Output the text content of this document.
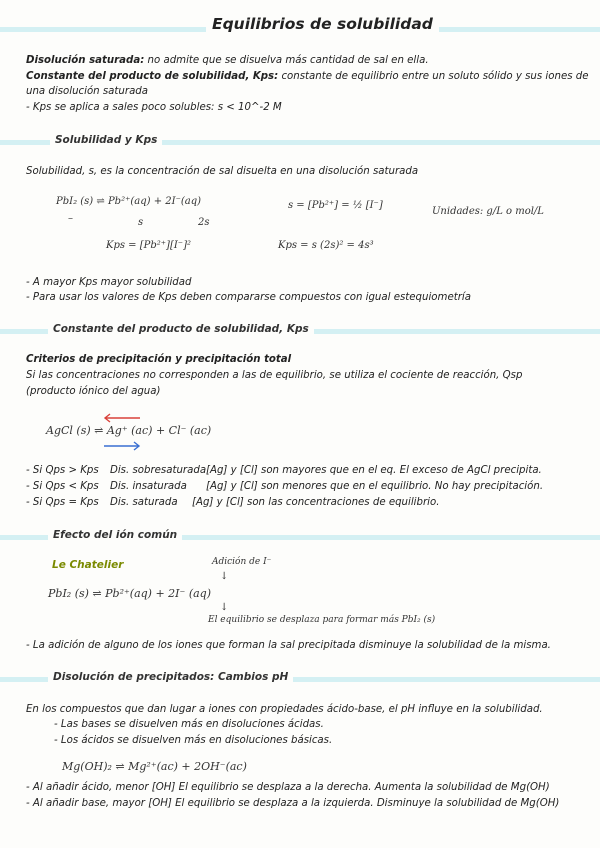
Equilibrios de solubilidad
Disolución saturada: no admite que se disuelva más cantidad de sal en ella.
Constante del producto de solubilidad, Kps: constante de equilibrio entre un soluto sólido y sus iones de
una disolución saturada
- Kps se aplica a sales poco solubles: s < 10^-2 M
Solubilidad y Kps
Solubilidad, s, es la concentración de sal disuelta en una disolución saturada
PbI₂ (s) ⇌ Pb²⁺(aq) + 2I⁻(aq)
–	s	2s
s = [Pb²⁺] = ½ [I⁻]
Unidades: g/L o mol/L
Kps = [Pb²⁺][I⁻]²	Kps = s (2s)² = 4s³
- A mayor Kps mayor solubilidad
- Para usar los valores de Kps deben compararse compuestos con igual estequiometría
Constante del producto de solubilidad, Kps
Criterios de precipitación y precipitación total
Si las concentraciones no corresponden a las de equilibrio, se utiliza el cociente de reacción, Qsp
(producto iónico del agua)
AgCl (s) ⇌ Ag⁺ (ac) + Cl⁻ (ac)
- Si Qps > Kps Dis. sobresaturada[Ag] y [Cl] son mayores que en el eq. El exceso de AgCl precipita.
- Si Qps < Kps Dis. insaturada [Ag] y [Cl] son menores que en el equilibrio. No hay precipitación.
- Si Qps = Kps Dis. saturada [Ag] y [Cl] son las concentraciones de equilibrio.
Efecto del ión común
Le Chatelier	Adición de I⁻
↓
PbI₂ (s) ⇌ Pb²⁺(aq) + 2I⁻ (aq)
↓
El equilibrio se desplaza para formar más PbI₂ (s)
- La adición de alguno de los iones que forman la sal precipitada disminuye la solubilidad de la misma.
Disolución de precipitados: Cambios pH
En los compuestos que dan lugar a iones con propiedades ácido-base, el pH influye en la solubilidad.
- Las bases se disuelven más en disoluciones ácidas.
- Los ácidos se disuelven más en disoluciones básicas.
Mg(OH)₂ ⇌ Mg²⁺(ac) + 2OH⁻(ac)
- Al añadir ácido, menor [OH] El equilibrio se desplaza a la derecha. Aumenta la solubilidad de Mg(OH)
- Al añadir base, mayor [OH] El equilibrio se desplaza a la izquierda. Disminuye la solubilidad de Mg(OH)
